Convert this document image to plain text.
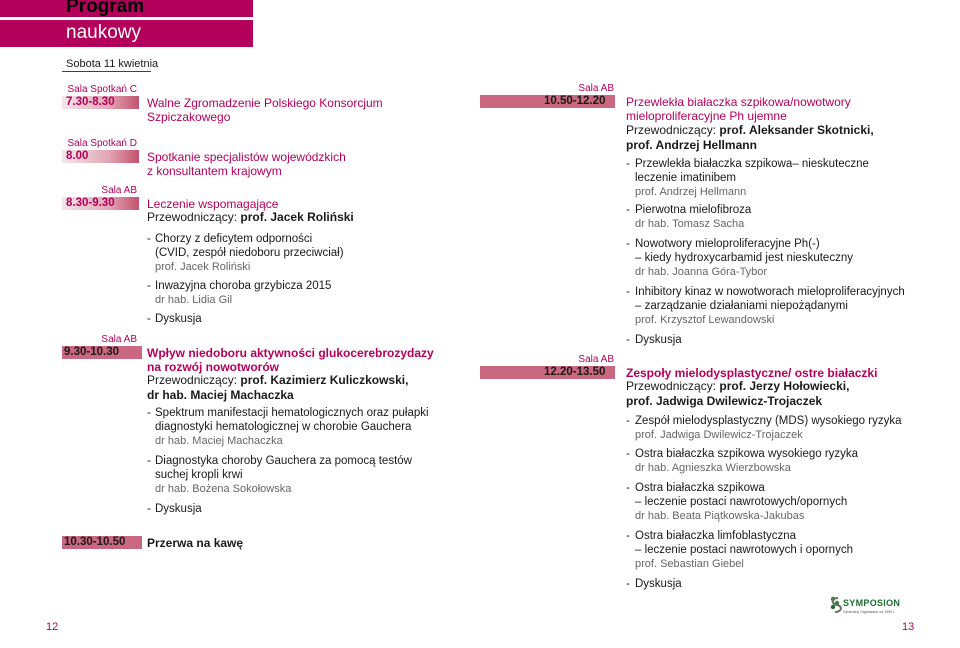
Program
naukowy
Sobota 11 kwietnia
Sala Spotkań C
7.30-8.30	Walne Zgromadzenie Polskiego Konsorcjum
Szpiczakowego
Sala Spotkań D
8.00	Spotkanie specjalistów wojewódzkich
z konsultantem krajowym
Sala AB
8.30-9.30	Leczenie wspomagające
Przewodniczący: prof. Jacek Roliński
- Chorzy z deficytem odporności
(CVID, zespół niedoboru przeciwciał)
prof. Jacek Roliński
- Inwazyjna choroba grzybicza 2015
dr hab. Lidia Gil
- Dyskusja
Sala AB
9.30-10.30 Wpływ niedoboru aktywności glukocerebrozydazy
na rozwój nowotworów
Przewodniczący: prof. Kazimierz Kuliczkowski,
dr hab. Maciej Machaczka
- Spektrum manifestacji hematologicznych oraz pułapki
diagnostyki hematologicznej w chorobie Gauchera
dr hab. Maciej Machaczka
- Diagnostyka choroby Gauchera za pomocą testów
suchej kropli krwi
dr hab. Bożena Sokołowska
- Dyskusja
10.30-10.50 Przerwa na kawę
Sala AB
10.50-12.20 Przewlekła białaczka szpikowa/nowotwory
mieloproliferacyjne Ph ujemne
Przewodniczący: prof. Aleksander Skotnicki,
prof. Andrzej Hellmann
- Przewlekła białaczka szpikowa– nieskuteczne
leczenie imatinibem
prof. Andrzej Hellmann
- Pierwotna mielofibroza
dr hab. Tomasz Sacha
- Nowotwory mieloproliferacyjne Ph(-)
– kiedy hydroxycarbamid jest nieskuteczny
dr hab. Joanna Góra-Tybor
- Inhibitory kinaz w nowotworach mieloproliferacyjnych
– zarządzanie działaniami niepożądanymi
prof. Krzysztof Lewandowski
- Dyskusja
Sala AB
12.20-13.50 Zespoły mielodysplastyczne/ ostre białaczki
Przewodniczący: prof. Jerzy Hołowiecki,
prof. Jadwiga Dwilewicz-Trojaczek
- Zespół mielodysplastyczny (MDS) wysokiego ryzyka
prof. Jadwiga Dwilewicz-Trojaczek
- Ostra białaczka szpikowa wysokiego ryzyka
dr hab. Agnieszka Wierzbowska
- Ostra białaczka szpikowa
– leczenie postaci nawrotowych/opornych
dr hab. Beata Piątkowska-Jakubas
- Ostra białaczka limfoblastyczna
– leczenie postaci nawrotowych i opornych
prof. Sebastian Giebel
- Dyskusja
SYMPOSION
Generalny Organizator od 1995 r.
12	13
